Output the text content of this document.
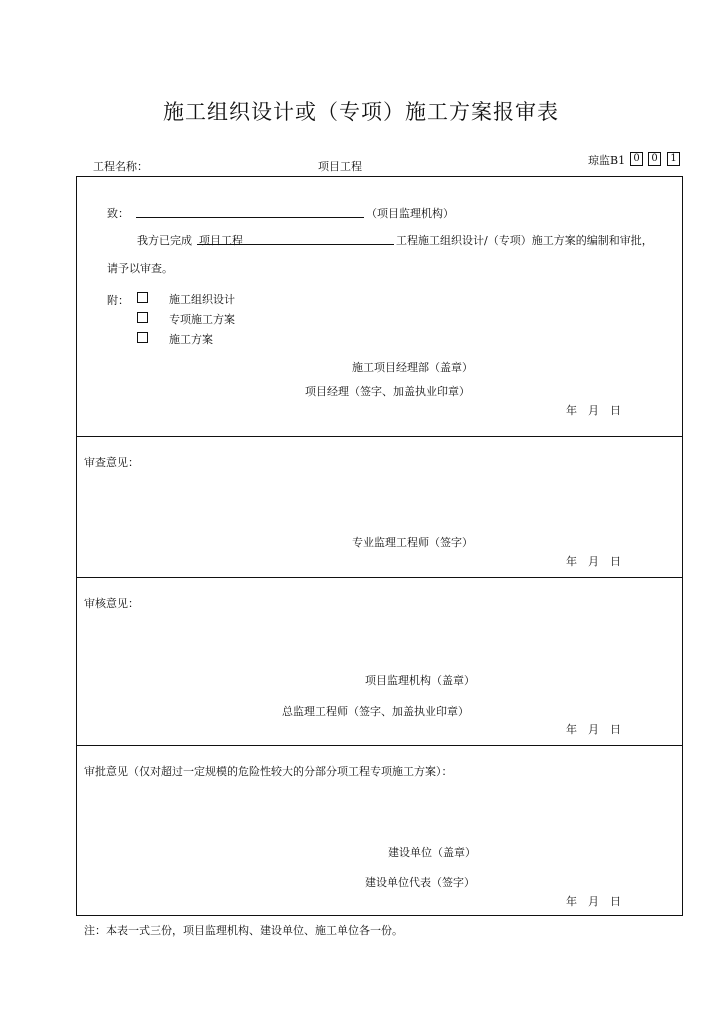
施工组织设计或（专项）施工方案报审表
工程名称：	项目工程	琼监B1 0	0	1
致：	（项目监理机构）
我方已完成 项目工程	工程施工组织设计/（专项）施工方案的编制和审批，
请予以审查。
附：	施工组织设计
专项施工方案
施工方案
施工项目经理部（盖章）
项目经理（签字、加盖执业印章）
年　月　日
审查意见：
专业监理工程师（签字）
年　月　日
审核意见：
项目监理机构（盖章）
总监理工程师（签字、加盖执业印章）
年　月　日
审批意见（仅对超过一定规模的危险性较大的分部分项工程专项施工方案）：
建设单位（盖章）
建设单位代表（签字）
年　月　日
注：本表一式三份，项目监理机构、建设单位、施工单位各一份。
